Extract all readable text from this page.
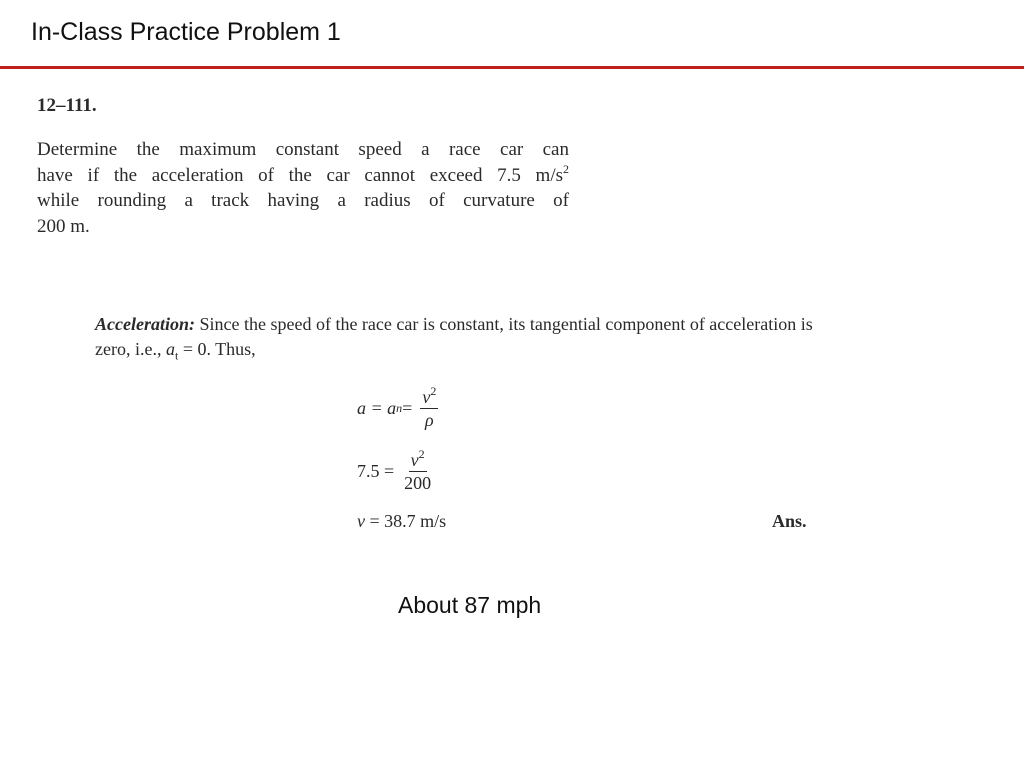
In-Class Practice Problem 1
12–111.
Determine the maximum constant speed a race car can
have if the acceleration of the car cannot exceed 7.5 $m/s^2$
while rounding a track having a radius of curvature of
200 m.
Acceleration: Since the speed of the race car is constant, its tangential component of acceleration is zero, i.e., $a_t = 0$. Thus,
a = a $n = \frac{v^2}{\rho}$
$7.5 = \frac{v^2}{200}$
v = 38.7 m/s	Ans.
About 87 mph
